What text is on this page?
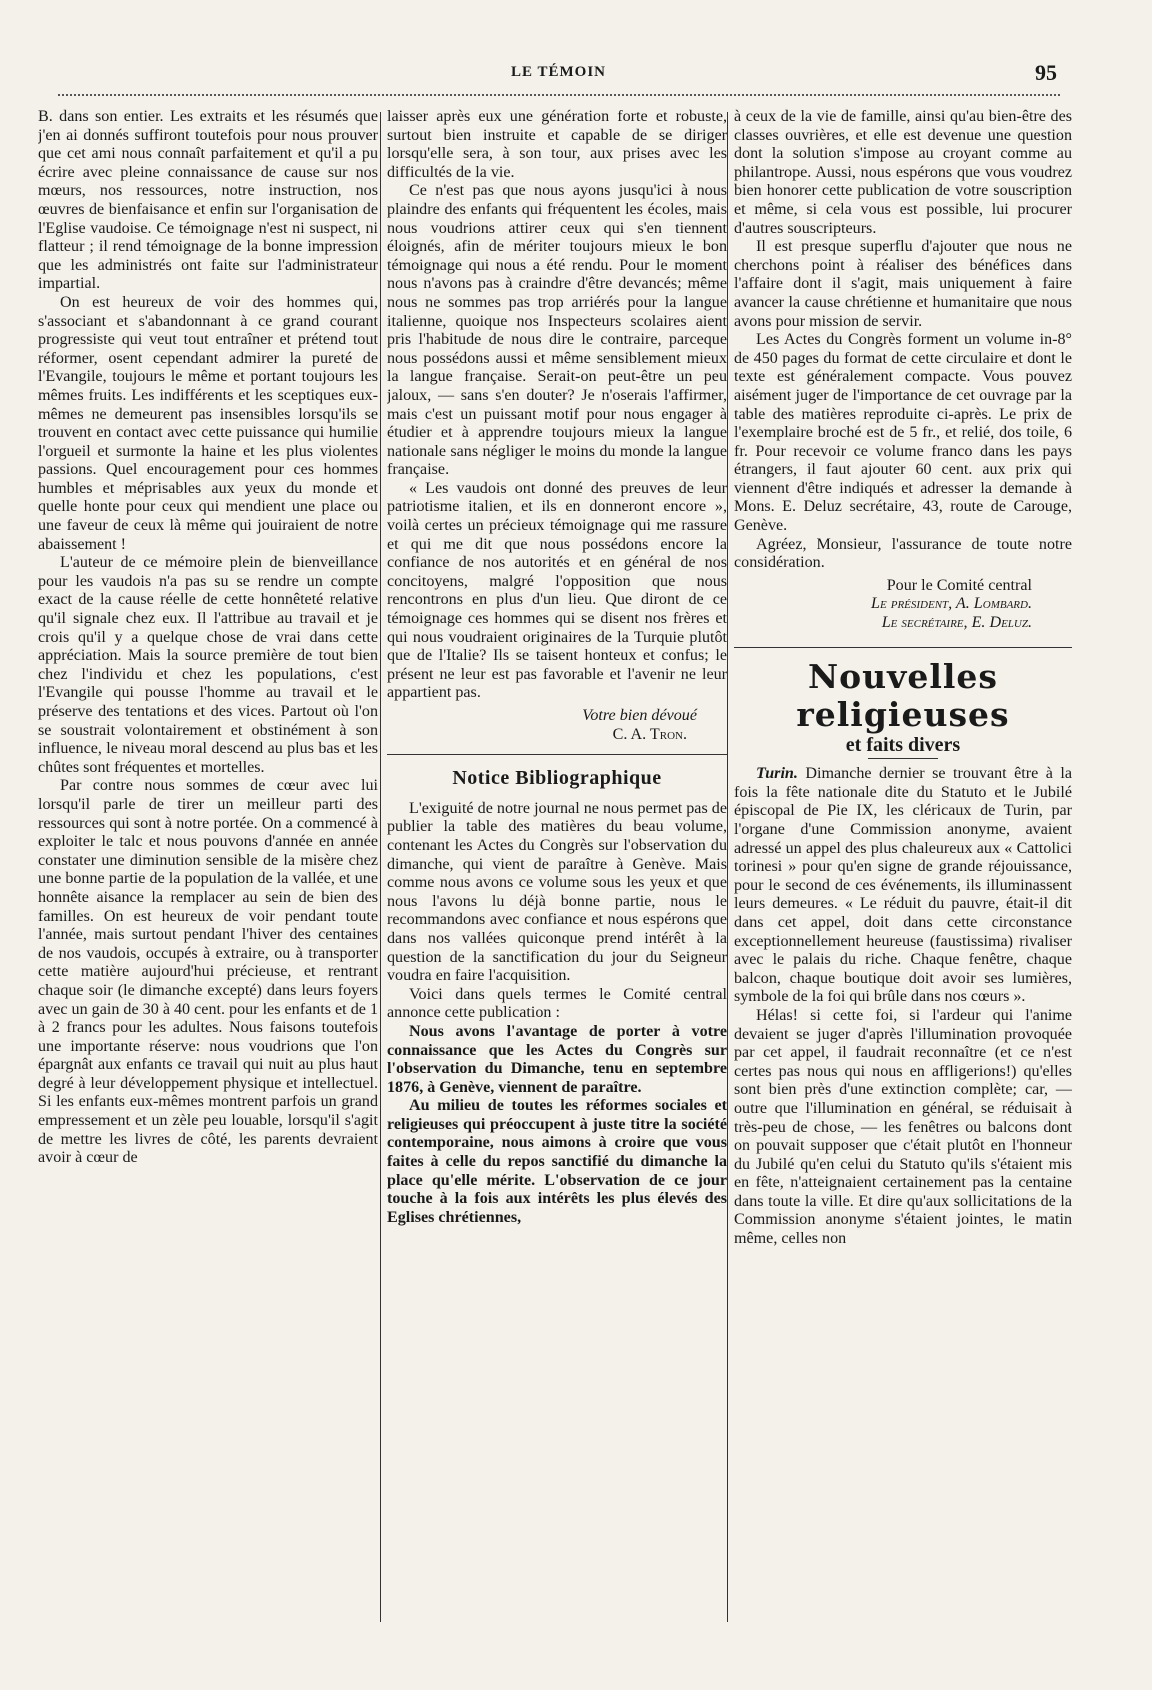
LE TÉMOIN	95

B. dans son entier. Les extraits et les résumés que j'en ai donnés suffiront toutefois pour nous prouver que cet ami nous connaît parfaitement et qu'il a pu écrire avec pleine connaissance de cause sur nos mœurs, nos ressources, notre instruction, nos œuvres de bienfaisance et enfin sur l'organisation de l'Eglise vaudoise. Ce témoignage n'est ni suspect, ni flatteur ; il rend témoignage de la bonne impression que les administrés ont faite sur l'administrateur impartial.

On est heureux de voir des hommes qui, s'associant et s'abandonnant à ce grand courant progressiste qui veut tout entraîner et prétend tout réformer, osent cependant admirer la pureté de l'Evangile, toujours le même et portant toujours les mêmes fruits. Les indifférents et les sceptiques eux-mêmes ne demeurent pas insensibles lorsqu'ils se trouvent en contact avec cette puissance qui humilie l'orgueil et surmonte la haine et les plus violentes passions. Quel encouragement pour ces hommes humbles et méprisables aux yeux du monde et quelle honte pour ceux qui mendient une place ou une faveur de ceux là même qui jouiraient de notre abaissement !

L'auteur de ce mémoire plein de bienveillance pour les vaudois n'a pas su se rendre un compte exact de la cause réelle de cette honnêteté relative qu'il signale chez eux. Il l'attribue au travail et je crois qu'il y a quelque chose de vrai dans cette appréciation. Mais la source première de tout bien chez l'individu et chez les populations, c'est l'Evangile qui pousse l'homme au travail et le préserve des tentations et des vices. Partout où l'on se soustrait volontairement et obstinément à son influence, le niveau moral descend au plus bas et les chûtes sont fréquentes et mortelles.

Par contre nous sommes de cœur avec lui lorsqu'il parle de tirer un meilleur parti des ressources qui sont à notre portée. On a commencé à exploiter le talc et nous pouvons d'année en année constater une diminution sensible de la misère chez une bonne partie de la population de la vallée, et une honnête aisance la remplacer au sein de bien des familles. On est heureux de voir pendant toute l'année, mais surtout pendant l'hiver des centaines de nos vaudois, occupés à extraire, ou à transporter cette matière aujourd'hui précieuse, et rentrant chaque soir (le dimanche excepté) dans leurs foyers avec un gain de 30 à 40 cent. pour les enfants et de 1 à 2 francs pour les adultes. Nous faisons toutefois une importante réserve: nous voudrions que l'on épargnât aux enfants ce travail qui nuit au plus haut degré à leur développement physique et intellectuel. Si les enfants eux-mêmes montrent parfois un grand empressement et un zèle peu louable, lorsqu'il s'agit de mettre les livres de côté, les parents devraient avoir à cœur de

laisser après eux une génération forte et robuste, surtout bien instruite et capable de se diriger lorsqu'elle sera, à son tour, aux prises avec les difficultés de la vie.

Ce n'est pas que nous ayons jusqu'ici à nous plaindre des enfants qui fréquentent les écoles, mais nous voudrions attirer ceux qui s'en tiennent éloignés, afin de mériter toujours mieux le bon témoignage qui nous a été rendu. Pour le moment nous n'avons pas à craindre d'être devancés; même nous ne sommes pas trop arriérés pour la langue italienne, quoique nos Inspecteurs scolaires aient pris l'habitude de nous dire le contraire, parceque nous possédons aussi et même sensiblement mieux la langue française. Serait-on peut-être un peu jaloux, — sans s'en douter? Je n'oserais l'affirmer, mais c'est un puissant motif pour nous engager à étudier et à apprendre toujours mieux la langue nationale sans négliger le moins du monde la langue française.

« Les vaudois ont donné des preuves de leur patriotisme italien, et ils en donneront encore », voilà certes un précieux témoignage qui me rassure et qui me dit que nous possédons encore la confiance de nos autorités et en général de nos concitoyens, malgré l'opposition que nous rencontrons en plus d'un lieu. Que diront de ce témoignage ces hommes qui se disent nos frères et qui nous voudraient originaires de la Turquie plutôt que de l'Italie? Ils se taisent honteux et confus; le présent ne leur est pas favorable et l'avenir ne leur appartient pas.

Votre bien dévoué

C. A. Tron.

Notice Bibliographique

L'exiguité de notre journal ne nous permet pas de publier la table des matières du beau volume, contenant les Actes du Congrès sur l'observation du dimanche, qui vient de paraître à Genève. Mais comme nous avons ce volume sous les yeux et que nous l'avons lu déjà bonne partie, nous le recommandons avec confiance et nous espérons que dans nos vallées quiconque prend intérêt à la question de la sanctification du jour du Seigneur voudra en faire l'acquisition.

Voici dans quels termes le Comité central annonce cette publication :

Nous avons l'avantage de porter à votre connaissance que les Actes du Congrès sur l'observation du Dimanche, tenu en septembre 1876, à Genève, viennent de paraître.

Au milieu de toutes les réformes sociales et religieuses qui préoccupent à juste titre la société contemporaine, nous aimons à croire que vous faites à celle du repos sanctifié du dimanche la place qu'elle mérite. L'observation de ce jour touche à la fois aux intérêts les plus élevés des Eglises chrétiennes,

à ceux de la vie de famille, ainsi qu'au bien-être des classes ouvrières, et elle est devenue une question dont la solution s'impose au croyant comme au philantrope. Aussi, nous espérons que vous voudrez bien honorer cette publication de votre souscription et même, si cela vous est possible, lui procurer d'autres souscripteurs.

Il est presque superflu d'ajouter que nous ne cherchons point à réaliser des bénéfices dans l'affaire dont il s'agit, mais uniquement à faire avancer la cause chrétienne et humanitaire que nous avons pour mission de servir.

Les Actes du Congrès forment un volume in-8° de 450 pages du format de cette circulaire et dont le texte est généralement compacte. Vous pouvez aisément juger de l'importance de cet ouvrage par la table des matières reproduite ci-après. Le prix de l'exemplaire broché est de 5 fr., et relié, dos toile, 6 fr. Pour recevoir ce volume franco dans les pays étrangers, il faut ajouter 60 cent. aux prix qui viennent d'être indiqués et adresser la demande à Mons. E. Deluz secrétaire, 43, route de Carouge, Genève.

Agréez, Monsieur, l'assurance de toute notre considération.

Pour le Comité central

Le président, A. Lombard.

Le secrétaire, E. Deluz.

Nouvelles religieuses
et faits divers

Turin. Dimanche dernier se trouvant être à la fois la fête nationale dite du Statuto et le Jubilé épiscopal de Pie IX, les cléricaux de Turin, par l'organe d'une Commission anonyme, avaient adressé un appel des plus chaleureux aux « Cattolici torinesi » pour qu'en signe de grande réjouissance, pour le second de ces événements, ils illuminassent leurs demeures. « Le réduit du pauvre, était-il dit dans cet appel, doit dans cette circonstance exceptionnellement heureuse (faustissima) rivaliser avec le palais du riche. Chaque fenêtre, chaque balcon, chaque boutique doit avoir ses lumières, symbole de la foi qui brûle dans nos cœurs ».

Hélas! si cette foi, si l'ardeur qui l'anime devaient se juger d'après l'illumination provoquée par cet appel, il faudrait reconnaître (et ce n'est certes pas nous qui nous en affligerions!) qu'elles sont bien près d'une extinction complète; car, — outre que l'illumination en général, se réduisait à très-peu de chose, — les fenêtres ou balcons dont on pouvait supposer que c'était plutôt en l'honneur du Jubilé qu'en celui du Statuto qu'ils s'étaient mis en fête, n'atteignaient certainement pas la centaine dans toute la ville. Et dire qu'aux sollicitations de la Commission anonyme s'étaient jointes, le matin même, celles non
